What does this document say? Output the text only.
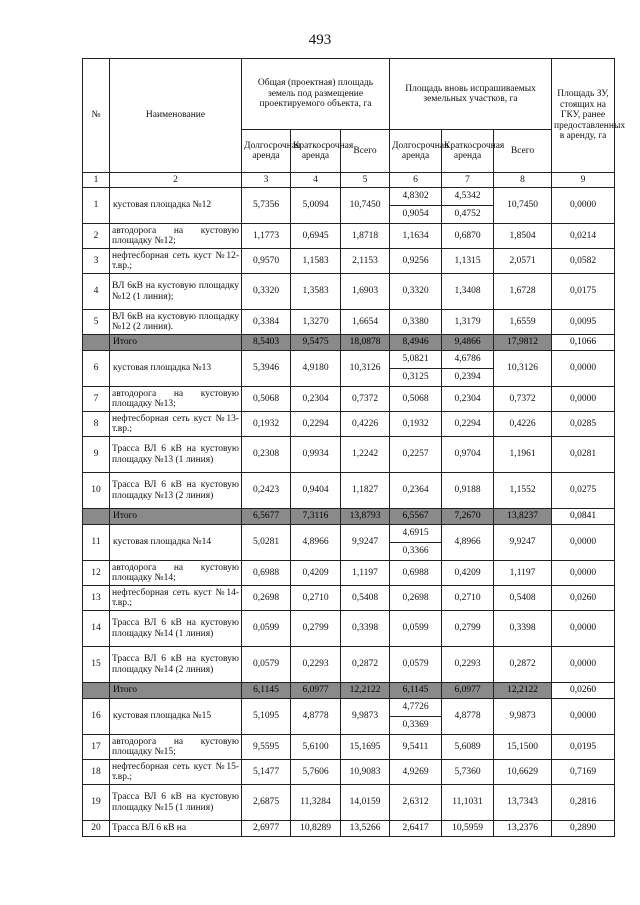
493
№	Наименование	Общая (проектная) площадь земель под размещение проектируемого объекта, га			Площадь вновь испрашиваемых земельных участков, га			Площадь ЗУ, стоящих на ГКУ, ранее предоставленных в аренду, га
		Долгосрочная аренда	Краткосрочная аренда	Всего	Долгосрочная аренда	Краткосрочная аренда	Всего	
1	2	3	4	5	6	7	8	9
1	кустовая площадка №12	5,7356	5,0094	10,7450	4,8302	4,5342	10,7450	0,0000
					0,9054	0,4752		
2	автодорога на кустовую площадку №12;	1,1773	0,6945	1,8718	1,1634	0,6870	1,8504	0,0214
3	нефтесборная сеть куст №12-т.вр.;	0,9570	1,1583	2,1153	0,9256	1,1315	2,0571	0,0582
4	ВЛ 6кВ на кустовую площадку №12 (1 линия);	0,3320	1,3583	1,6903	0,3320	1,3408	1,6728	0,0175
5	ВЛ 6кВ на кустовую площадку №12 (2 линия).	0,3384	1,3270	1,6654	0,3380	1,3179	1,6559	0,0095
	Итого	8,5403	9,5475	18,0878	8,4946	9,4866	17,9812	0,1066
6	кустовая площадка №13	5,3946	4,9180	10,3126	5,0821	4,6786	10,3126	0,0000
					0,3125	0,2394		
7	автодорога на кустовую площадку №13;	0,5068	0,2304	0,7372	0,5068	0,2304	0,7372	0,0000
8	нефтесборная сеть куст №13-т.вр.;	0,1932	0,2294	0,4226	0,1932	0,2294	0,4226	0,0285
9	Трасса ВЛ 6 кВ на кустовую площадку №13 (1 линия)	0,2308	0,9934	1,2242	0,2257	0,9704	1,1961	0,0281
10	Трасса ВЛ 6 кВ на кустовую площадку №13 (2 линия)	0,2423	0,9404	1,1827	0,2364	0,9188	1,1552	0,0275
	Итого	6,5677	7,3116	13,8793	6,5567	7,2670	13,8237	0,0841
11	кустовая площадка №14	5,0281	4,8966	9,9247	4,6915	4,8966	9,9247	0,0000
					0,3366			
12	автодорога на кустовую площадку №14;	0,6988	0,4209	1,1197	0,6988	0,4209	1,1197	0,0000
13	нефтесборная сеть куст №14-т.вр.;	0,2698	0,2710	0,5408	0,2698	0,2710	0,5408	0,0260
14	Трасса ВЛ 6 кВ на кустовую площадку №14 (1 линия)	0,0599	0,2799	0,3398	0,0599	0,2799	0,3398	0,0000
15	Трасса ВЛ 6 кВ на кустовую площадку №14 (2 линия)	0,0579	0,2293	0,2872	0,0579	0,2293	0,2872	0,0000
	Итого	6,1145	6,0977	12,2122	6,1145	6,0977	12,2122	0,0260
16	кустовая площадка №15	5,1095	4,8778	9,9873	4,7726	4,8778	9,9873	0,0000
					0,3369			
17	автодорога на кустовую площадку №15;	9,5595	5,6100	15,1695	9,5411	5,6089	15,1500	0,0195
18	нефтесборная сеть куст №15-т.вр.;	5,1477	5,7606	10,9083	4,9269	5,7360	10,6629	0,7169
19	Трасса ВЛ 6 кВ на кустовую площадку №15 (1 линия)	2,6875	11,3284	14,0159	2,6312	11,1031	13,7343	0,2816
20	Трасса ВЛ 6 кВ на	2,6977	10,8289	13,5266	2,6417	10,5959	13,2376	0,2890
